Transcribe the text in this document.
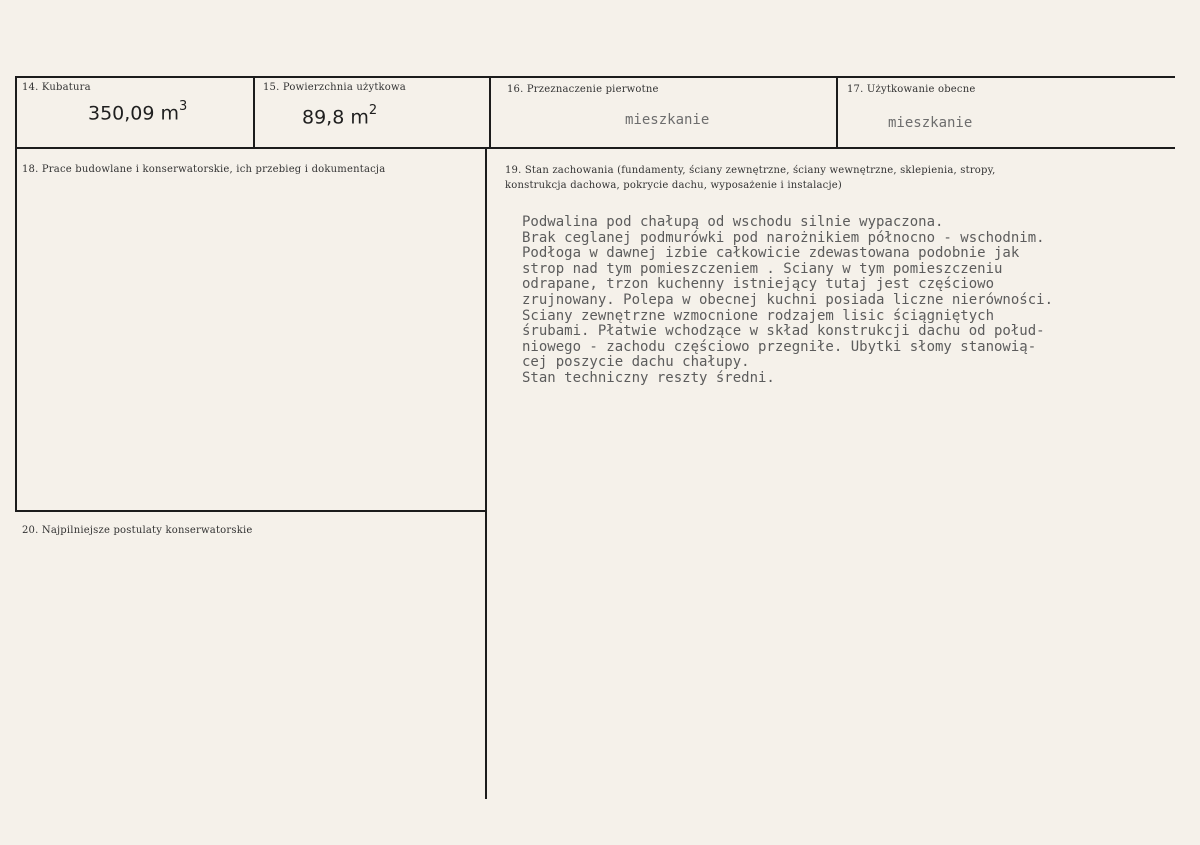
14. Kubatura
350,09 $m^3$
15. Powierzchnia użytkowa
89,8 $m^2$
16. Przeznaczenie pierwotne
mieszkanie
17. Użytkowanie obecne
mieszkanie
18. Prace budowlane i konserwatorskie, ich przebieg i dokumentacja	19. Stan zachowania (fundamenty, ściany zewnętrzne, ściany wewnętrzne, sklepienia, stropy,
konstrukcja dachowa, pokrycie dachu, wyposażenie i instalacje)
Podwalina pod chałupą od wschodu silnie wypaczona.
Brak ceglanej podmurówki pod narożnikiem północno - wschodnim.
Podłoga w dawnej izbie całkowicie zdewastowana podobnie jak
strop nad tym pomieszczeniem . Sciany w tym pomieszczeniu
odrapane, trzon kuchenny istniejący tutaj jest częściowo
zrujnowany. Polepa w obecnej kuchni posiada liczne nierówności.
Sciany zewnętrzne wzmocnione rodzajem lisic ściągniętych
śrubami. Płatwie wchodzące w skład konstrukcji dachu od połud-
niowego - zachodu częściowo przegniłe. Ubytki słomy stanowią-
cej poszycie dachu chałupy.
Stan techniczny reszty średni.
20. Najpilniejsze postulaty konserwatorskie
